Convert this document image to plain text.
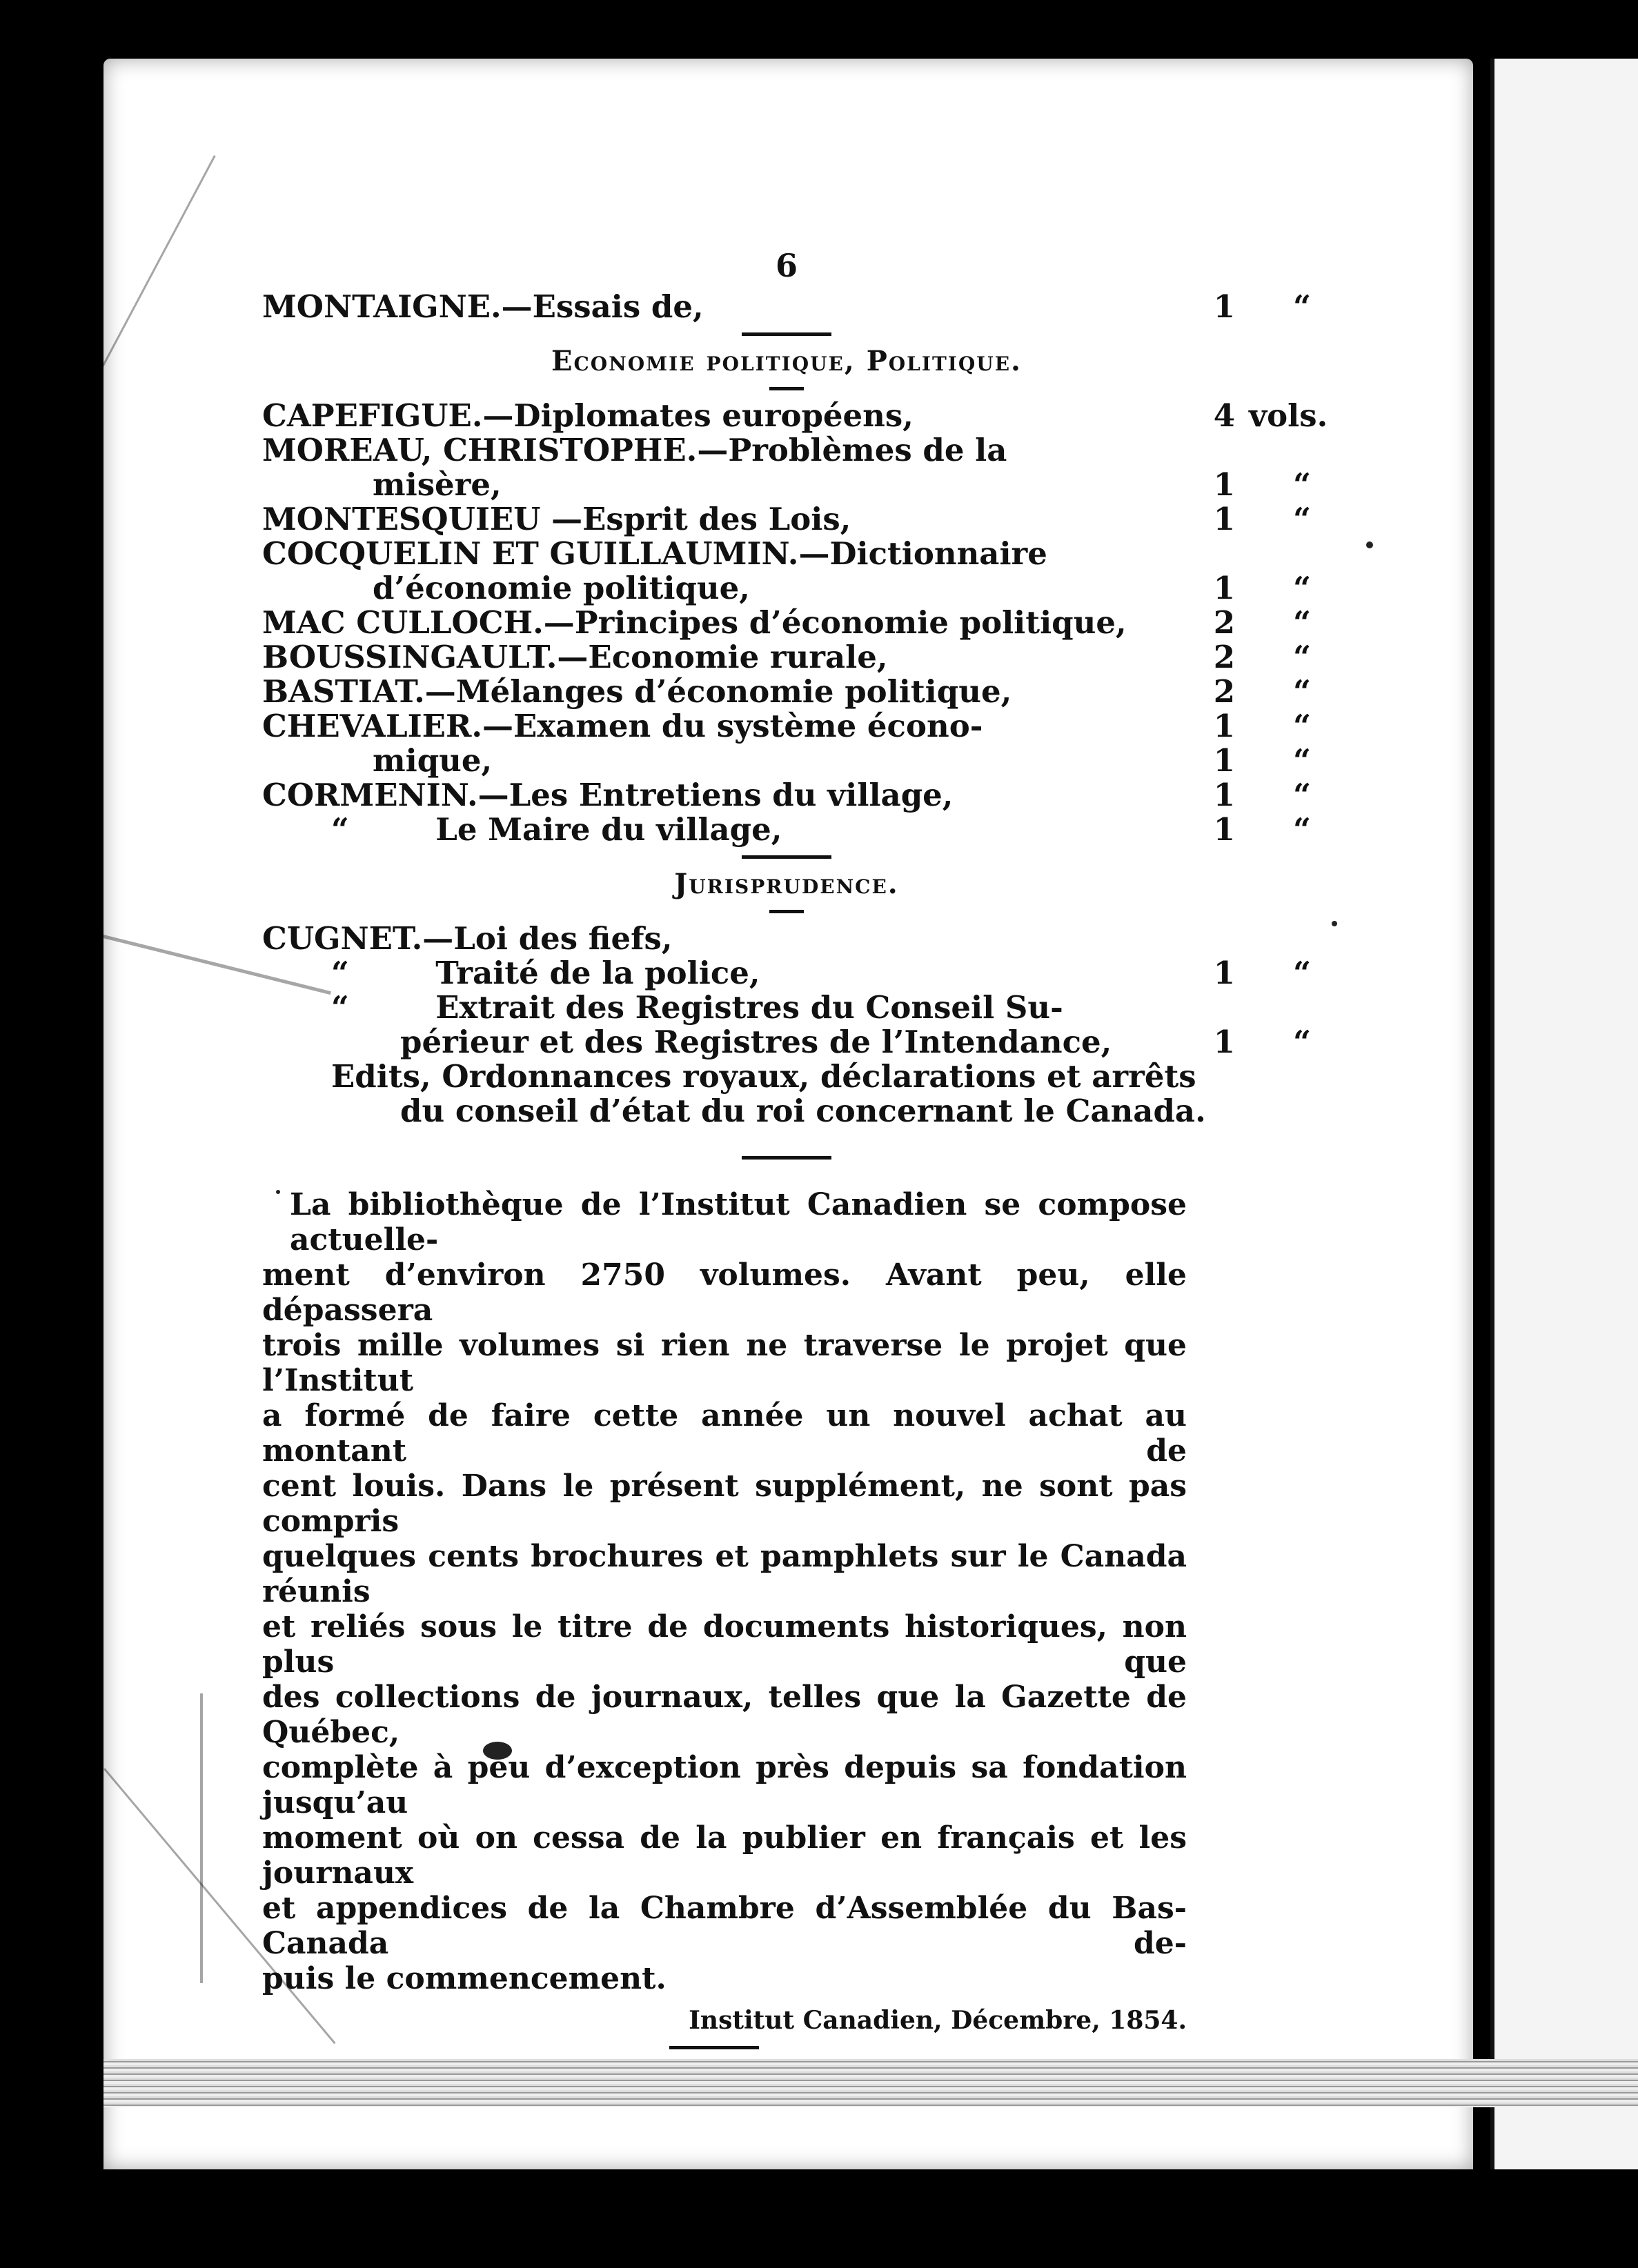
6
MONTAIGNE.—Essais de,	1	“
Economie politique, Politique.
CAPEFIGUE.—Diplomates européens,	4 vols.
MOREAU, CHRISTOPHE.—Problèmes de la
misère,	1	“
MONTESQUIEU —Esprit des Lois,	1	“
COCQUELIN ET GUILLAUMIN.—Dictionnaire
d’économie politique,	1	“
MAC CULLOCH.—Principes d’économie politique,	2	“
BOUSSINGAULT.—Economie rurale,	2	“
BASTIAT.—Mélanges d’économie politique,	2	“
CHEVALIER.—Examen du système écono-	1	“
mique,	1	“
CORMENIN.—Les Entretiens du village,	1	“
“        Le Maire du village,	1	“
Jurisprudence.
CUGNET.—Loi des fiefs,
“        Traité de la police,	1	“
“        Extrait des Registres du Conseil Su-
périeur et des Registres de l’Intendance,	1	“
Edits, Ordonnances royaux, déclarations et arrêts
du conseil d’état du roi concernant le Canada.
La bibliothèque de l’Institut Canadien se compose actuelle-
ment d’environ 2750 volumes. Avant peu, elle dépassera
trois mille volumes si rien ne traverse le projet que l’Institut
a formé de faire cette année un nouvel achat au montant de
cent louis. Dans le présent supplément, ne sont pas compris
quelques cents brochures et pamphlets sur le Canada réunis
et reliés sous le titre de documents historiques, non plus que
des collections de journaux, telles que la Gazette de Québec,
complète à peu d’exception près depuis sa fondation jusqu’au
moment où on cessa de la publier en français et les journaux
et appendices de la Chambre d’Assemblée du Bas-Canada de-
puis le commencement.
Institut Canadien, Décembre, 1854.
